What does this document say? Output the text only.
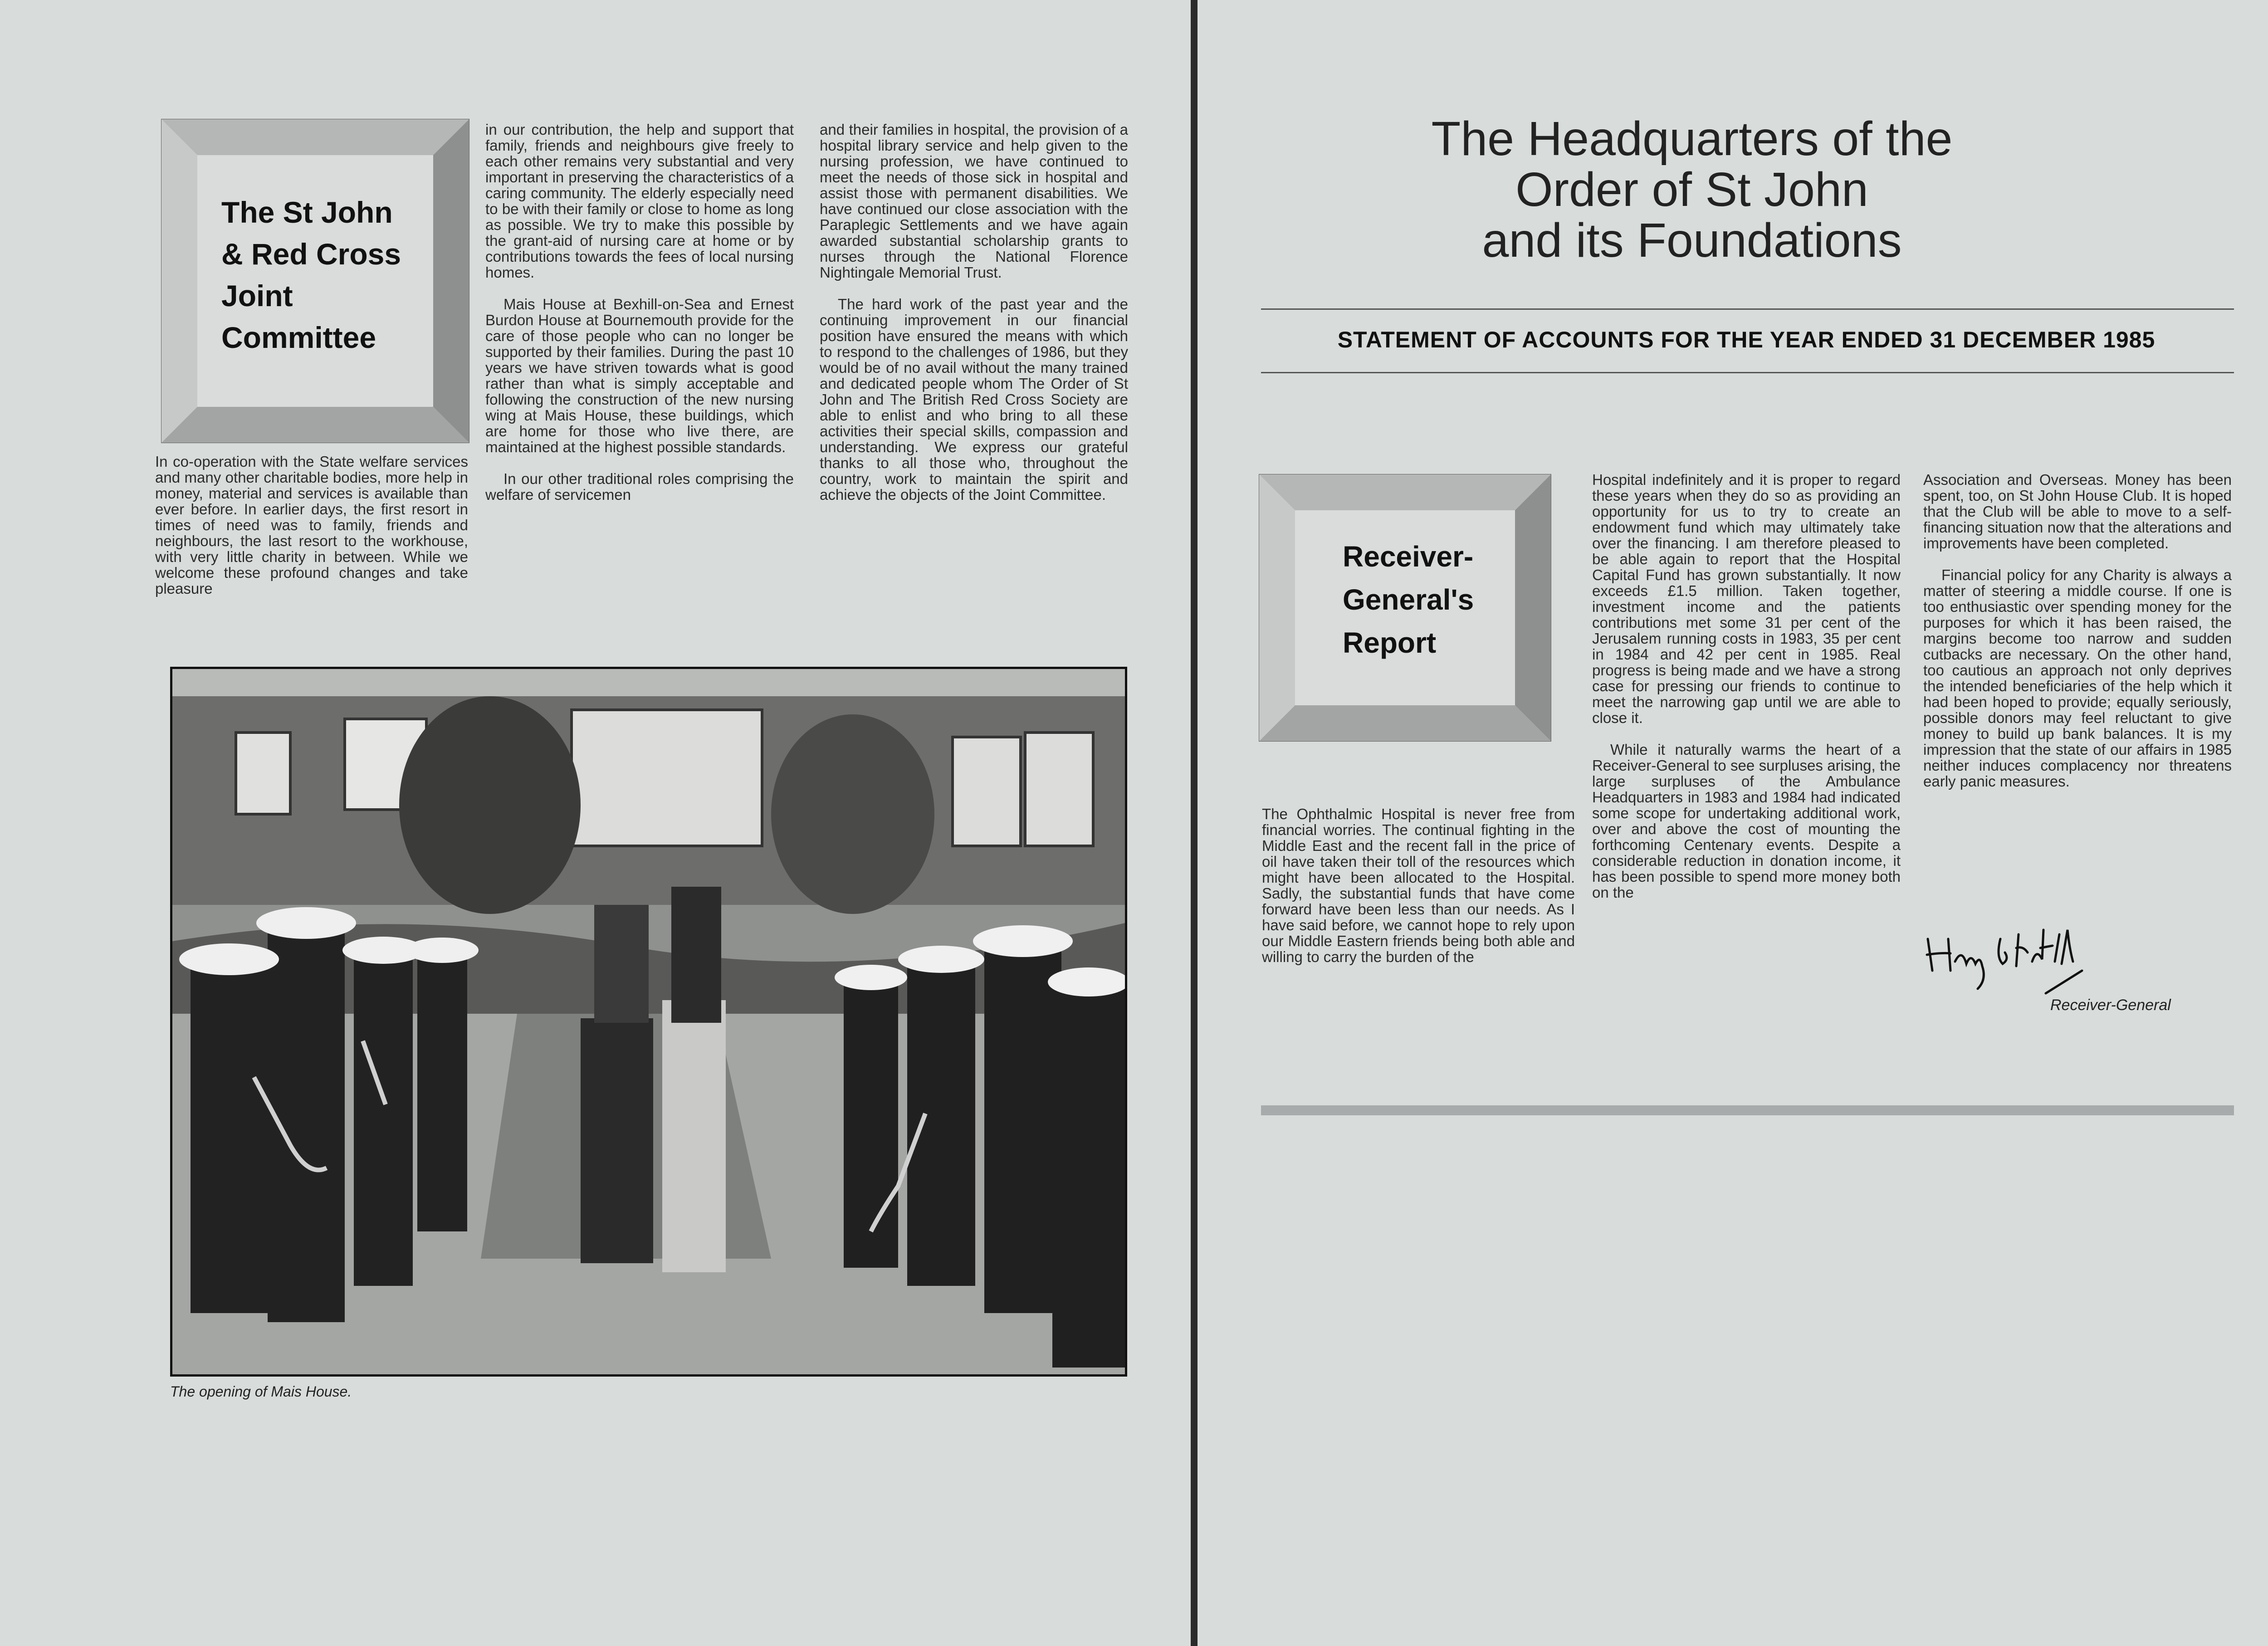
The St John
& Red Cross
Joint
Committee

In co-operation with the State welfare services and many other charitable bodies, more help in money, material and services is available than ever before. In earlier days, the first resort in times of need was to family, friends and neighbours, the last resort to the workhouse, with very little charity in between. While we welcome these profound changes and take pleasure

in our contribution, the help and support that family, friends and neighbours give freely to each other remains very substantial and very important in preserving the characteristics of a caring community. The elderly especially need to be with their family or close to home as long as possible. We try to make this possible by the grant-aid of nursing care at home or by contributions towards the fees of local nursing homes.

Mais House at Bexhill-on-Sea and Ernest Burdon House at Bournemouth provide for the care of those people who can no longer be supported by their families. During the past 10 years we have striven towards what is good rather than what is simply acceptable and following the construction of the new nursing wing at Mais House, these buildings, which are home for those who live there, are maintained at the highest possible standards.

In our other traditional roles comprising the welfare of servicemen

and their families in hospital, the provision of a hospital library service and help given to the nursing profession, we have continued to meet the needs of those sick in hospital and assist those with permanent disabilities. We have continued our close association with the Paraplegic Settlements and we have again awarded substantial scholarship grants to nurses through the National Florence Nightingale Memorial Trust.

The hard work of the past year and the continuing improvement in our financial position have ensured the means with which to respond to the challenges of 1986, but they would be of no avail without the many trained and dedicated people whom The Order of St John and The British Red Cross Society are able to enlist and who bring to all these activities their special skills, compassion and understanding. We express our grateful thanks to all those who, throughout the country, work to maintain the spirit and achieve the objects of the Joint Committee.

The opening of Mais House.
The Headquarters of the
Order of St John
and its Foundations
STATEMENT OF ACCOUNTS FOR THE YEAR ENDED 31 DECEMBER 1985
Receiver-
General's
Report

The Ophthalmic Hospital is never free from financial worries. The continual fighting in the Middle East and the recent fall in the price of oil have taken their toll of the resources which might have been allocated to the Hospital. Sadly, the substantial funds that have come forward have been less than our needs. As I have said before, we cannot hope to rely upon our Middle Eastern friends being both able and willing to carry the burden of the

Hospital indefinitely and it is proper to regard these years when they do so as providing an opportunity for us to try to create an endowment fund which may ultimately take over the financing. I am therefore pleased to be able again to report that the Hospital Capital Fund has grown substantially. It now exceeds £1.5 million. Taken together, investment income and the patients contributions met some 31 per cent of the Jerusalem running costs in 1983, 35 per cent in 1984 and 42 per cent in 1985. Real progress is being made and we have a strong case for pressing our friends to continue to meet the narrowing gap until we are able to close it.

While it naturally warms the heart of a Receiver-General to see surpluses arising, the large surpluses of the Ambulance Headquarters in 1983 and 1984 had indicated some scope for undertaking additional work, over and above the cost of mounting the forthcoming Centenary events. Despite a considerable reduction in donation income, it has been possible to spend more money both on the

Association and Overseas. Money has been spent, too, on St John House Club. It is hoped that the Club will be able to move to a self-financing situation now that the alterations and improvements have been completed.

Financial policy for any Charity is always a matter of steering a middle course. If one is too enthusiastic over spending money for the purposes for which it has been raised, the margins become too narrow and sudden cutbacks are necessary. On the other hand, too cautious an approach not only deprives the intended beneficiaries of the help which it had been hoped to provide; equally seriously, possible donors may feel reluctant to give money to build up bank balances. It is my impression that the state of our affairs in 1985 neither induces complacency nor threatens early panic measures.

Receiver-General
